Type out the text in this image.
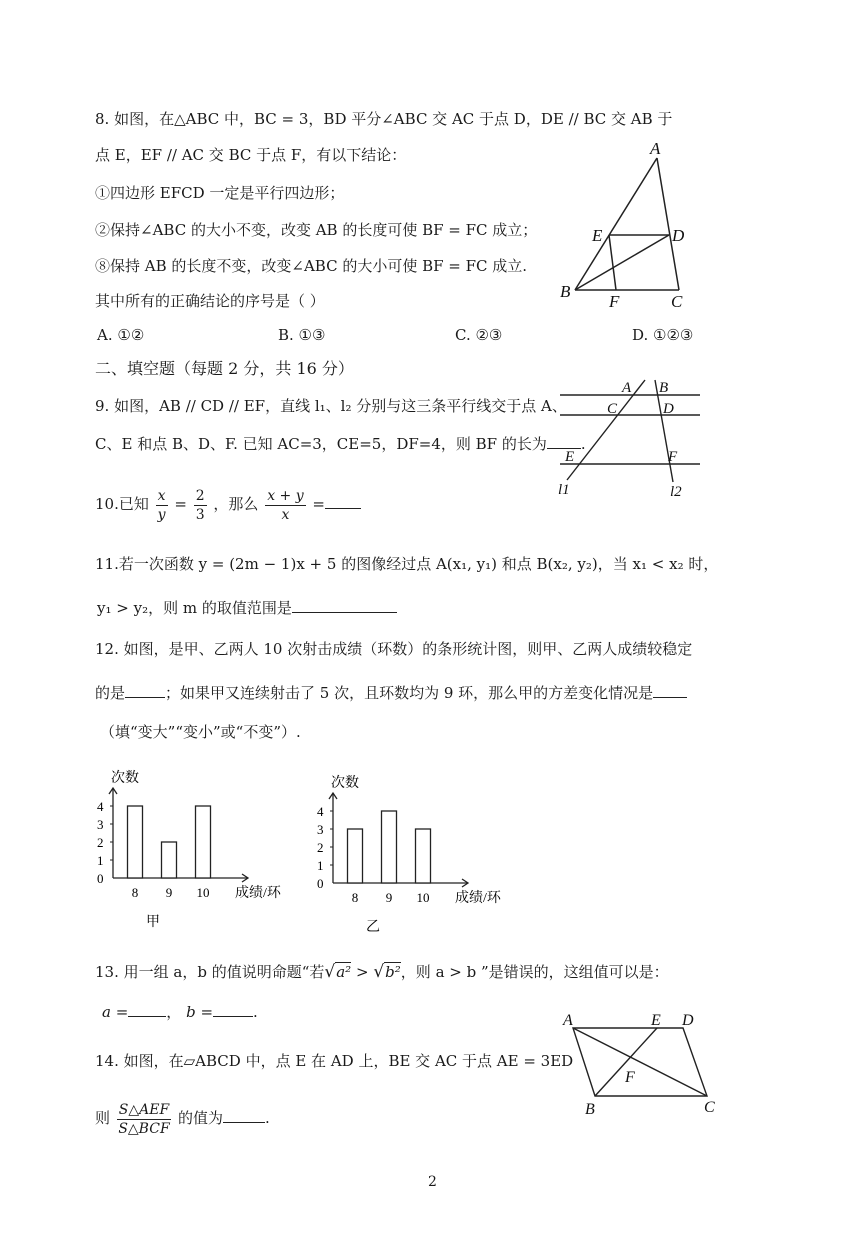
8. 如图，在△ABC 中，BC = 3，BD 平分∠ABC 交 AC 于点 D，DE // BC 交 AB 于
点 E，EF // AC 交 BC 于点 F，有以下结论：
①四边形 EFCD 一定是平行四边形；
②保持∠ABC 的大小不变，改变 AB 的长度可使 BF = FC 成立；
⑧保持 AB 的长度不变，改变∠ABC 的大小可使 BF = FC 成立.
其中所有的正确结论的序号是（ ）
A. ①②	B. ①③	C. ②③	D. ①②③
A
E	D
B
F	C
二、填空题（每题 2 分，共 16 分）
9. 如图，AB // CD // EF，直线 l₁、l₂ 分别与这三条平行线交于点 A、
C、E 和点 B、D、F. 已知 AC=3，CE=5，DF=4，则 BF 的长为 .
A B
C	D
E	F
l1	l2
10.已知 $\frac{x}{y} = \frac{2}{3}$ ，那么 $\frac{x + y}{x}$ =
11.若一次函数 y = (2m − 1)x + 5 的图像经过点 A(x₁, y₁) 和点 B(x₂, y₂)，当 x₁ < x₂ 时，
y₁ > y₂，则 m 的取值范围是
12. 如图，是甲、乙两人 10 次射击成绩（环数）的条形统计图，则甲、乙两人成绩较稳定
的是	；如果甲又连续射击了 5 次，且环数均为 9 环，那么甲的方差变化情况是
（填“变大”“变小”或“不变”）.
次数
0
1
2
3
4
8 9 10 成绩/环
甲
次数
0
1
2
3
4
8 9 10 成绩/环
乙
13. 用一组 a，b 的值说明命题“若√a² > √b²，则 a > b ”是错误的，这组值可以是：
a =	， b =	.
14. 如图，在▱ABCD 中，点 E 在 AD 上，BE 交 AC 于点 AE = 3ED
则 $\frac{\text{S△AEF}}{\text{S△BCF}}$ 的值为	.
A	E D
F
B	C
2
